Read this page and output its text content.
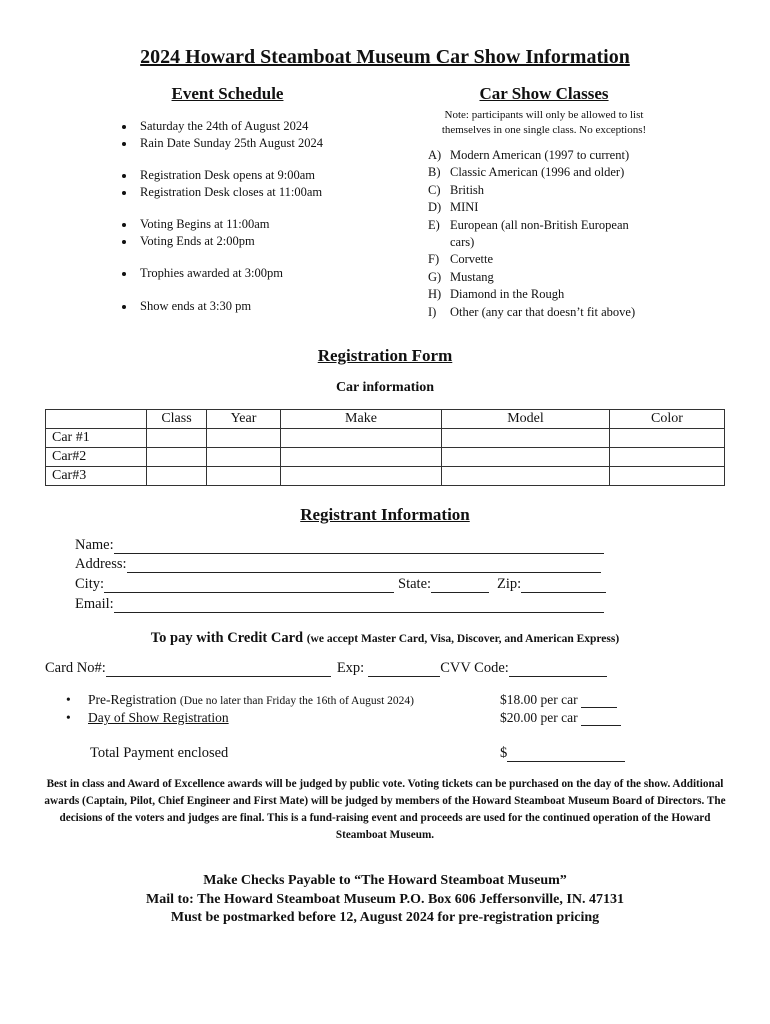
2024 Howard Steamboat Museum Car Show Information
Event Schedule
• Saturday the 24th of August 2024
• Rain Date Sunday 25th August 2024
• Registration Desk opens at 9:00am
• Registration Desk closes at 11:00am
• Voting Begins at 11:00am
• Voting Ends at 2:00pm
• Trophies awarded at 3:00pm
• Show ends at 3:30 pm
Car Show Classes
Note: participants will only be allowed to list themselves in one single class. No exceptions!
A) Modern American (1997 to current)
B) Classic American (1996 and older)
C) British
D) MINI
E) European (all non-British European cars)
F) Corvette
G) Mustang
H) Diamond in the Rough
I)	Other (any car that doesn’t fit above)
Registration Form
Car information
	Class	Year	Make	Model	Color
Car #1					
Car#2					
Car#3					
Registrant Information
Name:
Address:
City:	State:	Zip:
Email:
To pay with Credit Card (we accept Master Card, Visa, Discover, and American Express)
Card No#:	Exp:	CVV Code:
•	Pre-Registration (Due no later than Friday the 16th of August 2024)	$18.00 per car
•	Day of Show Registration	$20.00 per car
Total Payment enclosed	$
Best in class and Award of Excellence awards will be judged by public vote. Voting tickets can be purchased on the day of the show. Additional awards (Captain, Pilot, Chief Engineer and First Mate) will be judged by members of the Howard Steamboat Museum Board of Directors. The decisions of the voters and judges are final. This is a fund-raising event and proceeds are used for the continued operation of the Howard Steamboat Museum.
Make Checks Payable to “The Howard Steamboat Museum”
Mail to: The Howard Steamboat Museum P.O. Box 606 Jeffersonville, IN. 47131
Must be postmarked before 12, August 2024 for pre-registration pricing
